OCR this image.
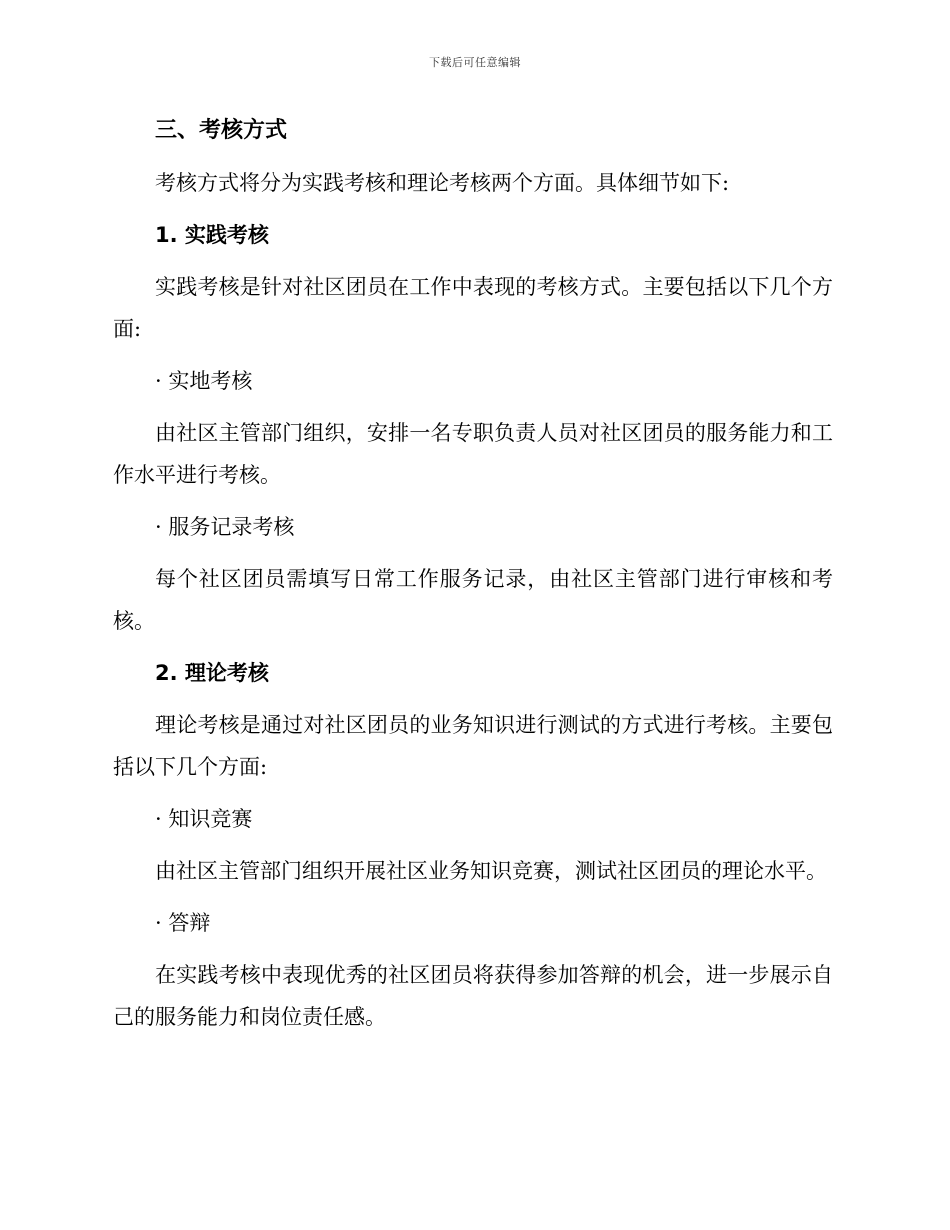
下载后可任意编辑
三、考核方式

考核方式将分为实践考核和理论考核两个方面。具体细节如下:

1. 实践考核

实践考核是针对社区团员在工作中表现的考核方式。主要包括以下几个方面:

· 实地考核

由社区主管部门组织，安排一名专职负责人员对社区团员的服务能力和工作水平进行考核。

· 服务记录考核

每个社区团员需填写日常工作服务记录，由社区主管部门进行审核和考核。

2. 理论考核

理论考核是通过对社区团员的业务知识进行测试的方式进行考核。主要包括以下几个方面:

· 知识竞赛

由社区主管部门组织开展社区业务知识竞赛，测试社区团员的理论水平。

· 答辩

在实践考核中表现优秀的社区团员将获得参加答辩的机会，进一步展示自己的服务能力和岗位责任感。
